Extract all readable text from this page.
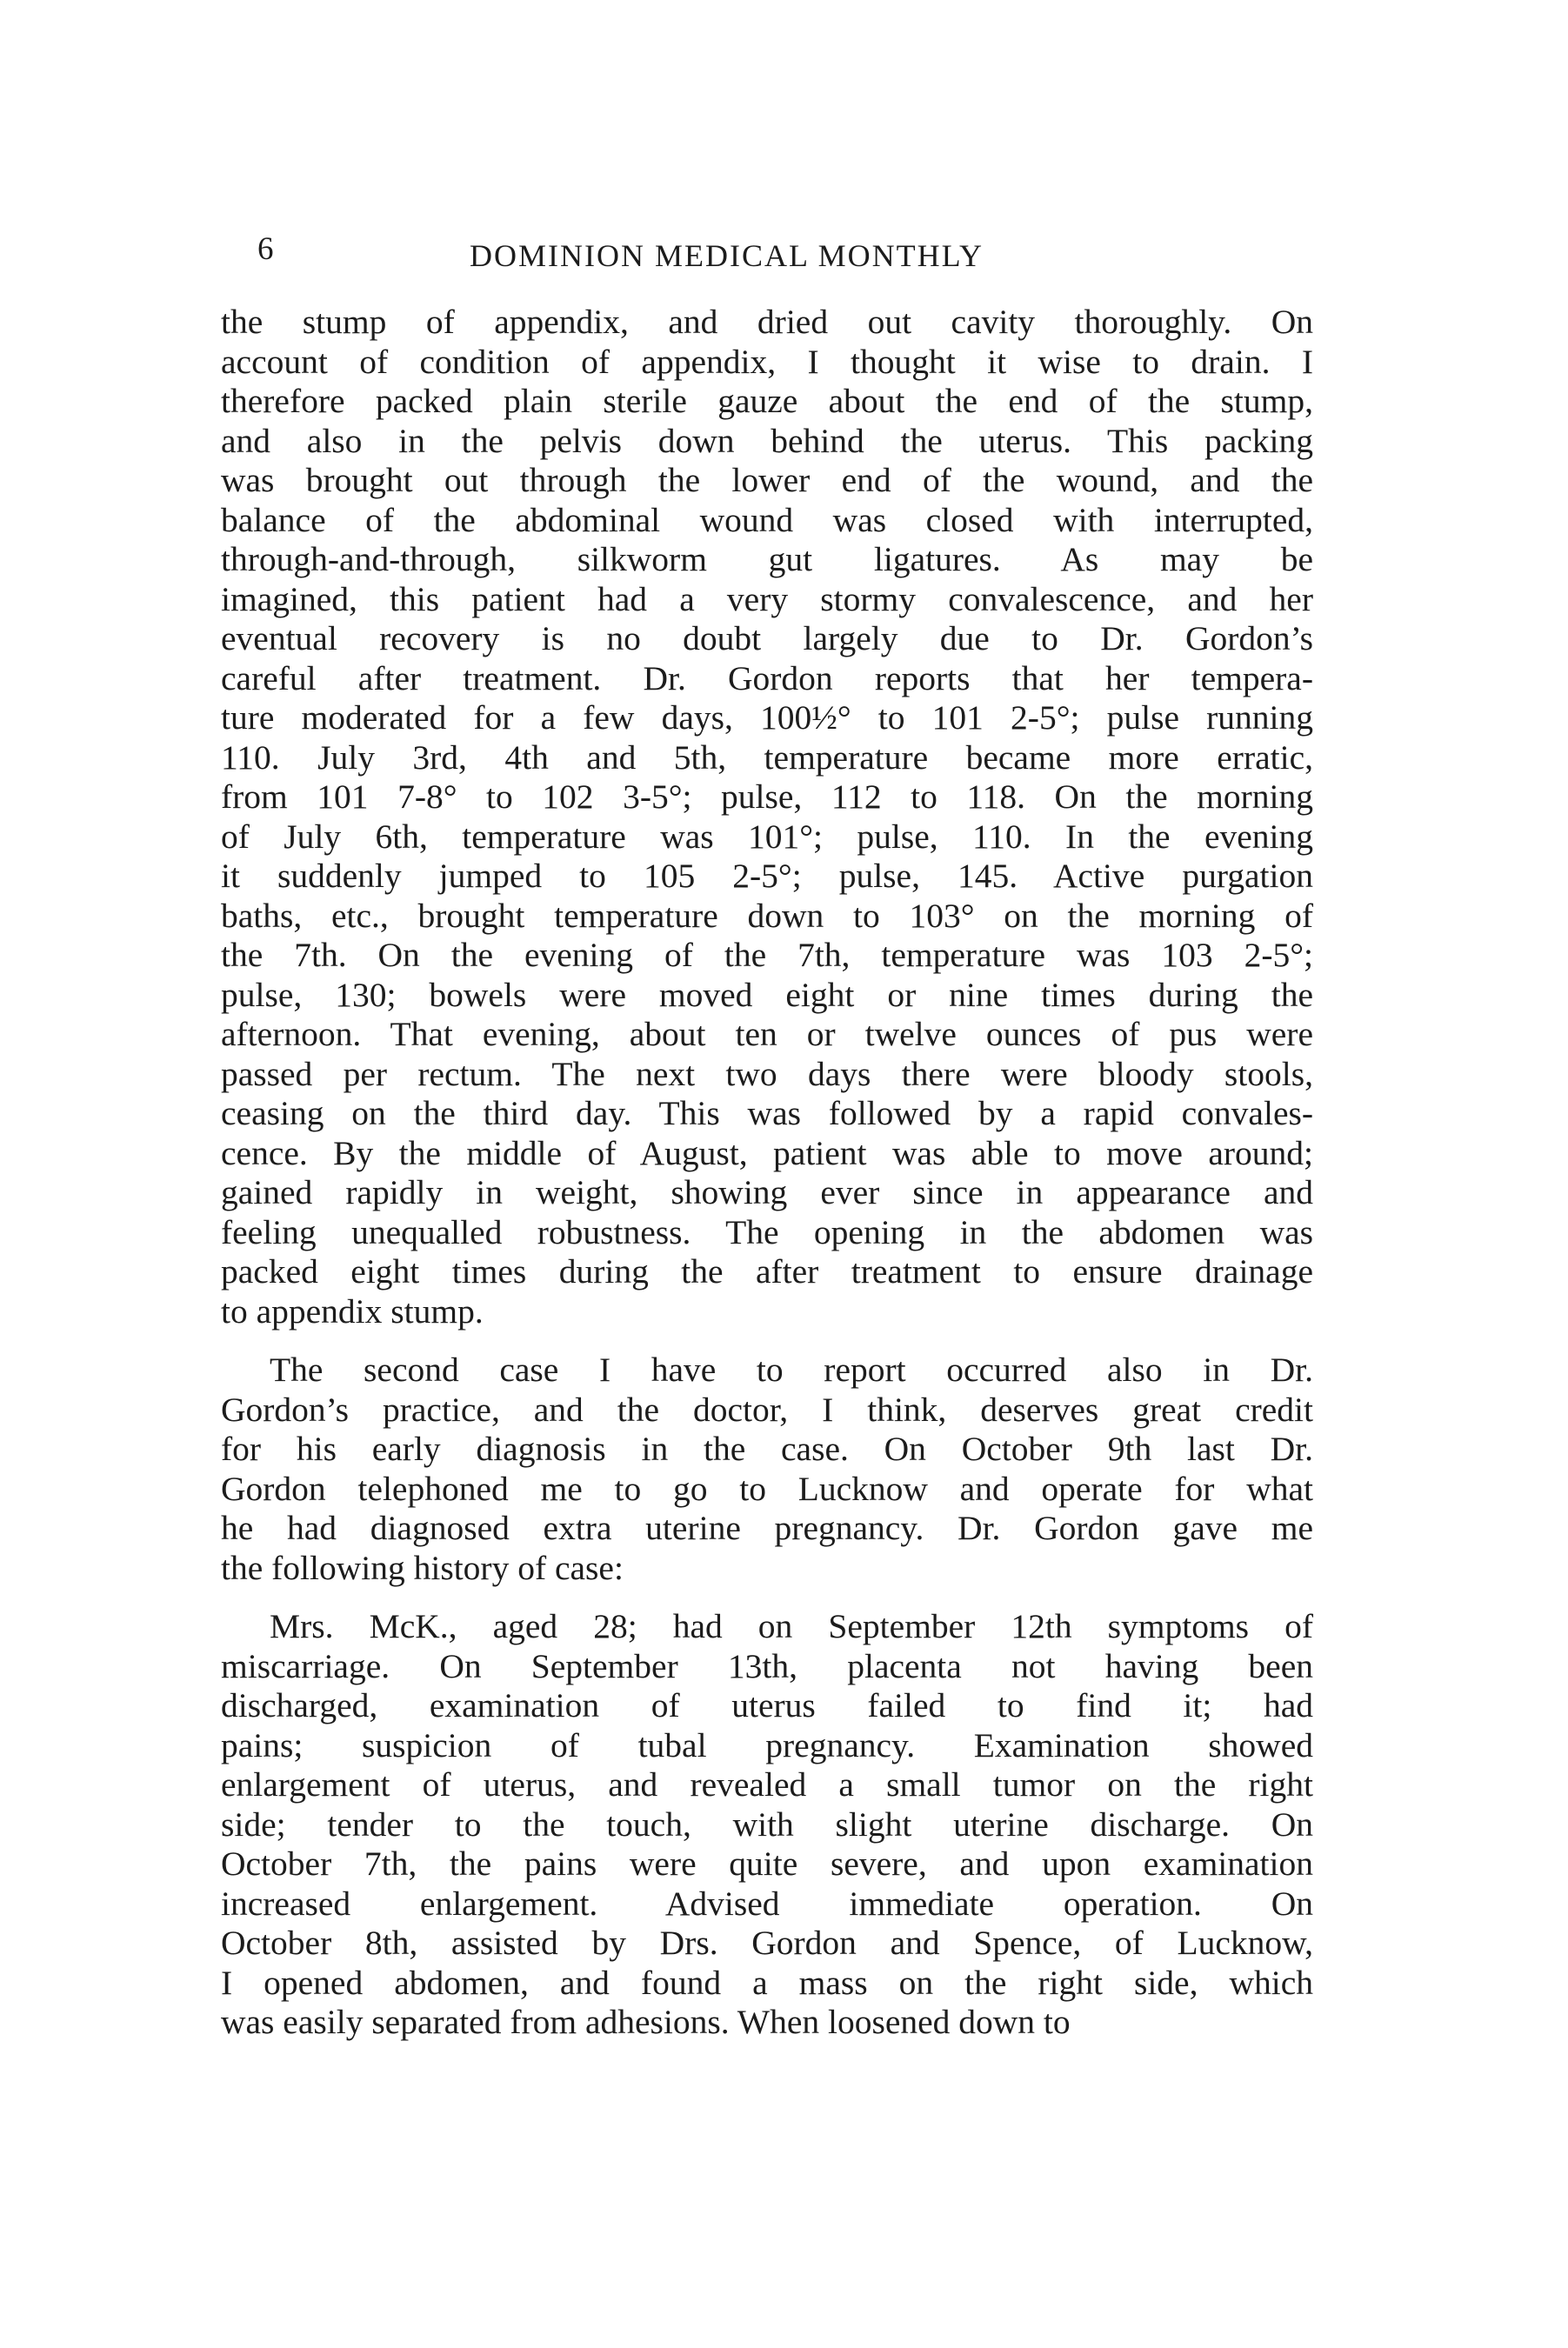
6	DOMINION MEDICAL MONTHLY

the stump of appendix, and dried out cavity thoroughly. On
account of condition of appendix, I thought it wise to drain. I
therefore packed plain sterile gauze about the end of the stump,
and also in the pelvis down behind the uterus. This packing
was brought out through the lower end of the wound, and the
balance of the abdominal wound was closed with interrupted,
through-and-through, silkworm gut ligatures. As may be
imagined, this patient had a very stormy convalescence, and her
eventual recovery is no doubt largely due to Dr. Gordon’s
careful after treatment. Dr. Gordon reports that her tempera-
ture moderated for a few days, 100½° to 101 2-5°; pulse running
110. July 3rd, 4th and 5th, temperature became more erratic,
from 101 7-8° to 102 3-5°; pulse, 112 to 118. On the morning
of July 6th, temperature was 101°; pulse, 110. In the evening
it suddenly jumped to 105 2-5°; pulse, 145. Active purgation
baths, etc., brought temperature down to 103° on the morning of
the 7th. On the evening of the 7th, temperature was 103 2-5°;
pulse, 130; bowels were moved eight or nine times during the
afternoon. That evening, about ten or twelve ounces of pus were
passed per rectum. The next two days there were bloody stools,
ceasing on the third day. This was followed by a rapid convales-
cence. By the middle of August, patient was able to move around;
gained rapidly in weight, showing ever since in appearance and
feeling unequalled robustness. The opening in the abdomen was
packed eight times during the after treatment to ensure drainage
to appendix stump.

The second case I have to report occurred also in Dr.
Gordon’s practice, and the doctor, I think, deserves great credit
for his early diagnosis in the case. On October 9th last Dr.
Gordon telephoned me to go to Lucknow and operate for what
he had diagnosed extra uterine pregnancy. Dr. Gordon gave me
the following history of case:

Mrs. McK., aged 28; had on September 12th symptoms of
miscarriage. On September 13th, placenta not having been
discharged, examination of uterus failed to find it; had
pains; suspicion of tubal pregnancy. Examination showed
enlargement of uterus, and revealed a small tumor on the right
side; tender to the touch, with slight uterine discharge. On
October 7th, the pains were quite severe, and upon examination
increased enlargement. Advised immediate operation. On
October 8th, assisted by Drs. Gordon and Spence, of Lucknow,
I opened abdomen, and found a mass on the right side, which
was easily separated from adhesions. When loosened down to
